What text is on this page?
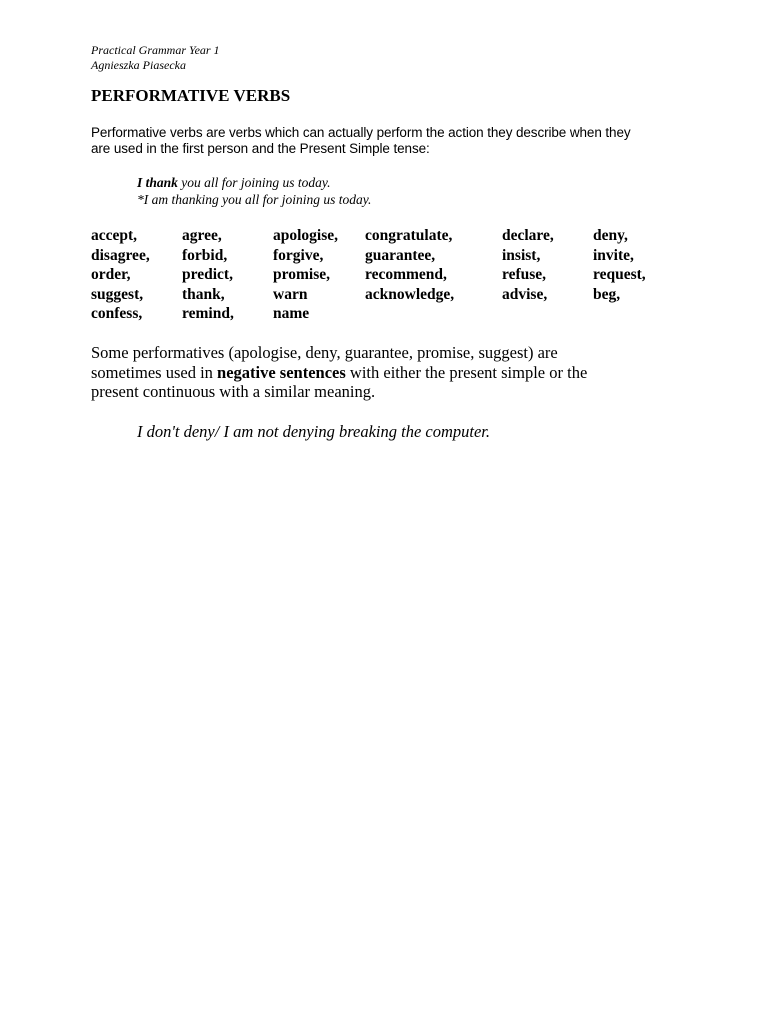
Practical Grammar Year 1
Agnieszka Piasecka
PERFORMATIVE VERBS

Performative verbs are verbs which can actually perform the action they describe when they
are used in the first person and the Present Simple tense:

I thank you all for joining us today.
*I am thanking you all for joining us today.
accept,	agree,	apologise, congratulate,	declare,	deny,
disagree, forbid,	forgive,	guarantee,	insist,	invite,
order,	predict,	promise, recommend,	refuse,	request,
suggest,	thank,	warn	acknowledge,	advise,	beg,
confess,	remind,	name

Some performatives (apologise, deny, guarantee, promise, suggest) are
sometimes used in negative sentences with either the present simple or the
present continuous with a similar meaning.

I don't deny/ I am not denying breaking the computer.
